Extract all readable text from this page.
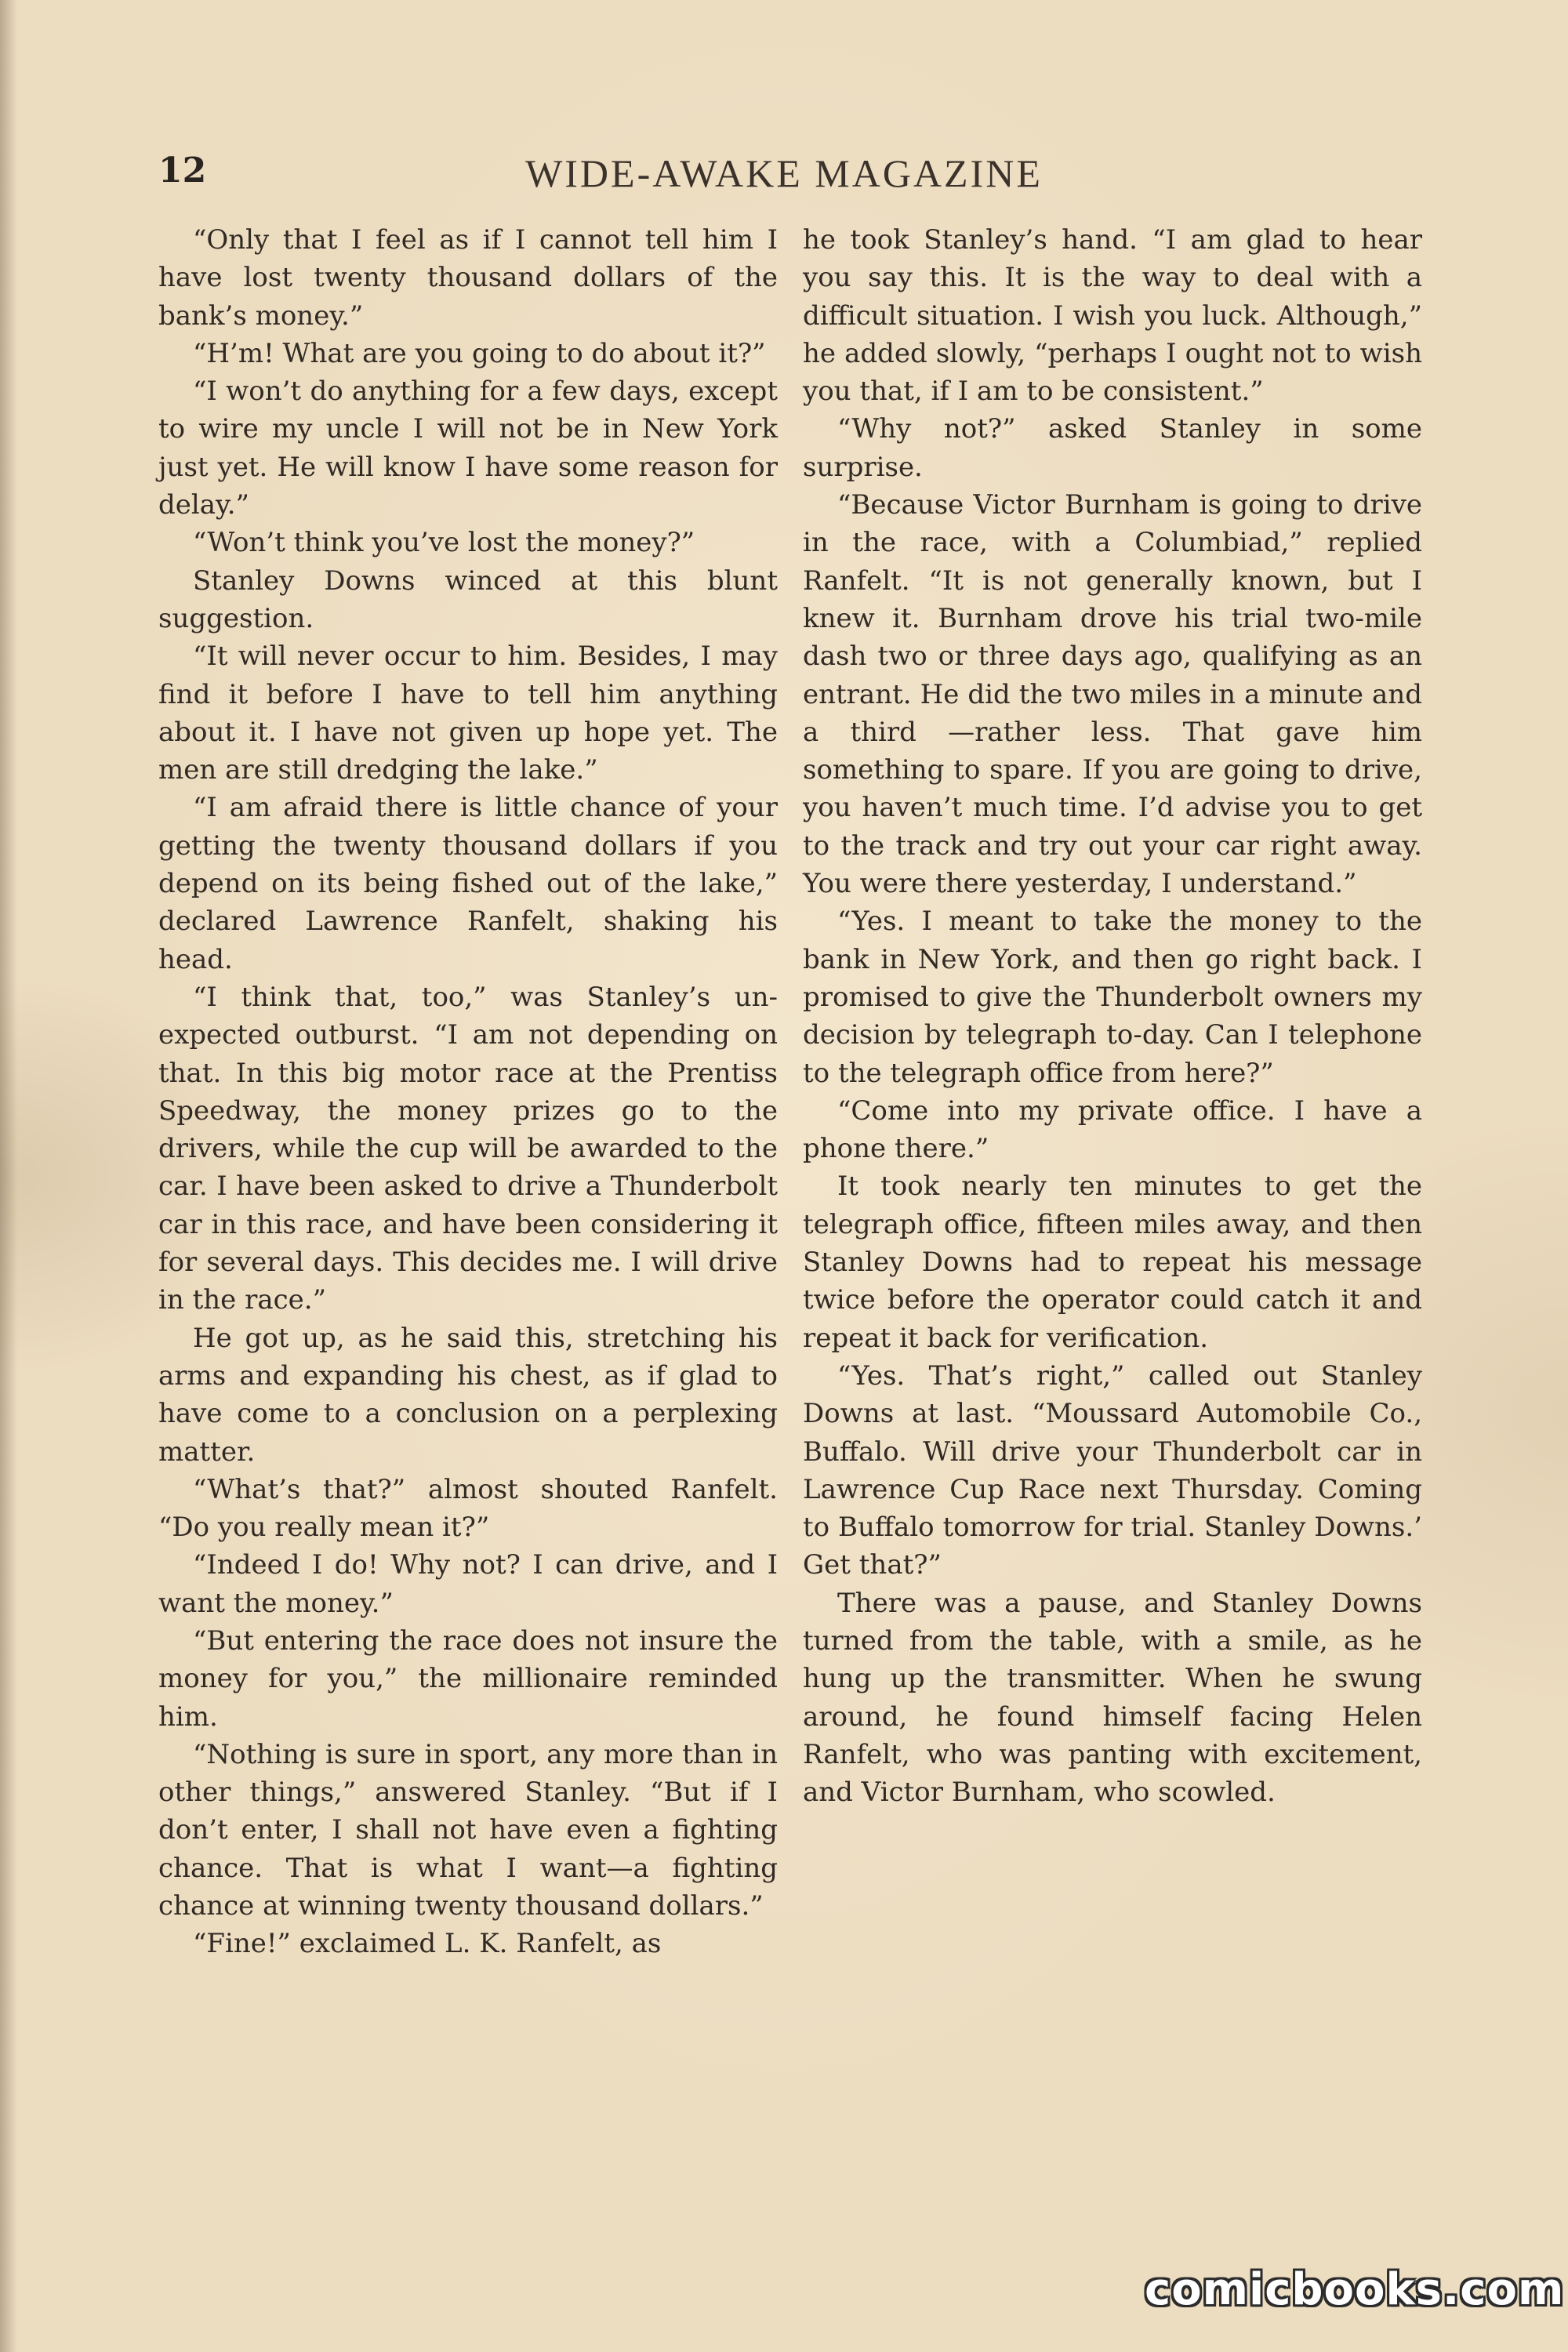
12	WIDE-AWAKE MAGAZINE

“Only that I feel as if I cannot tell him I have lost twenty thousand dollars of the bank’s money.”

“H’m! What are you going to do about it?”

“I won’t do anything for a few days, except to wire my uncle I will not be in New York just yet. He will know I have some reason for delay.”

“Won’t think you’ve lost the money?”

Stanley Downs winced at this blunt suggestion.

“It will never occur to him. Besides, I may find it before I have to tell him anything about it. I have not given up hope yet. The men are still dredging the lake.”

“I am afraid there is little chance of your getting the twenty thousand dollars if you depend on its being fished out of the lake,” declared Lawrence Ranfelt, shaking his head.

“I think that, too,” was Stanley’s unexpected outburst. “I am not depending on that. In this big motor race at the Prentiss Speedway, the money prizes go to the drivers, while the cup will be awarded to the car. I have been asked to drive a Thunderbolt car in this race, and have been considering it for several days. This decides me. I will drive in the race.”

He got up, as he said this, stretching his arms and expanding his chest, as if glad to have come to a conclusion on a perplexing matter.

“What’s that?” almost shouted Ranfelt. “Do you really mean it?”

“Indeed I do! Why not? I can drive, and I want the money.”

“But entering the race does not insure the money for you,” the millionaire reminded him.

“Nothing is sure in sport, any more than in other things,” answered Stanley. “But if I don’t enter, I shall not have even a fighting chance. That is what I want—a fighting chance at winning twenty thousand dollars.”

“Fine!” exclaimed L. K. Ranfelt, as

he took Stanley’s hand. “I am glad to hear you say this. It is the way to deal with a difficult situation. I wish you luck. Although,” he added slowly, “perhaps I ought not to wish you that, if I am to be consistent.”

“Why not?” asked Stanley in some surprise.

“Because Victor Burnham is going to drive in the race, with a Columbiad,” replied Ranfelt. “It is not generally known, but I knew it. Burnham drove his trial two-mile dash two or three days ago, qualifying as an entrant. He did the two miles in a minute and a third —rather less. That gave him something to spare. If you are going to drive, you haven’t much time. I’d advise you to get to the track and try out your car right away. You were there yesterday, I understand.”

“Yes. I meant to take the money to the bank in New York, and then go right back. I promised to give the Thunderbolt owners my decision by telegraph to-day. Can I telephone to the telegraph office from here?”

“Come into my private office. I have a phone there.”

It took nearly ten minutes to get the telegraph office, fifteen miles away, and then Stanley Downs had to repeat his message twice before the operator could catch it and repeat it back for verification.

“Yes. That’s right,” called out Stanley Downs at last. “Moussard Automobile Co., Buffalo. Will drive your Thunderbolt car in Lawrence Cup Race next Thursday. Coming to Buffalo tomorrow for trial. Stanley Downs.’ Get that?”

There was a pause, and Stanley Downs turned from the table, with a smile, as he hung up the transmitter. When he swung around, he found himself facing Helen Ranfelt, who was panting with excitement, and Victor Burnham, who scowled.

comicbooks.com
